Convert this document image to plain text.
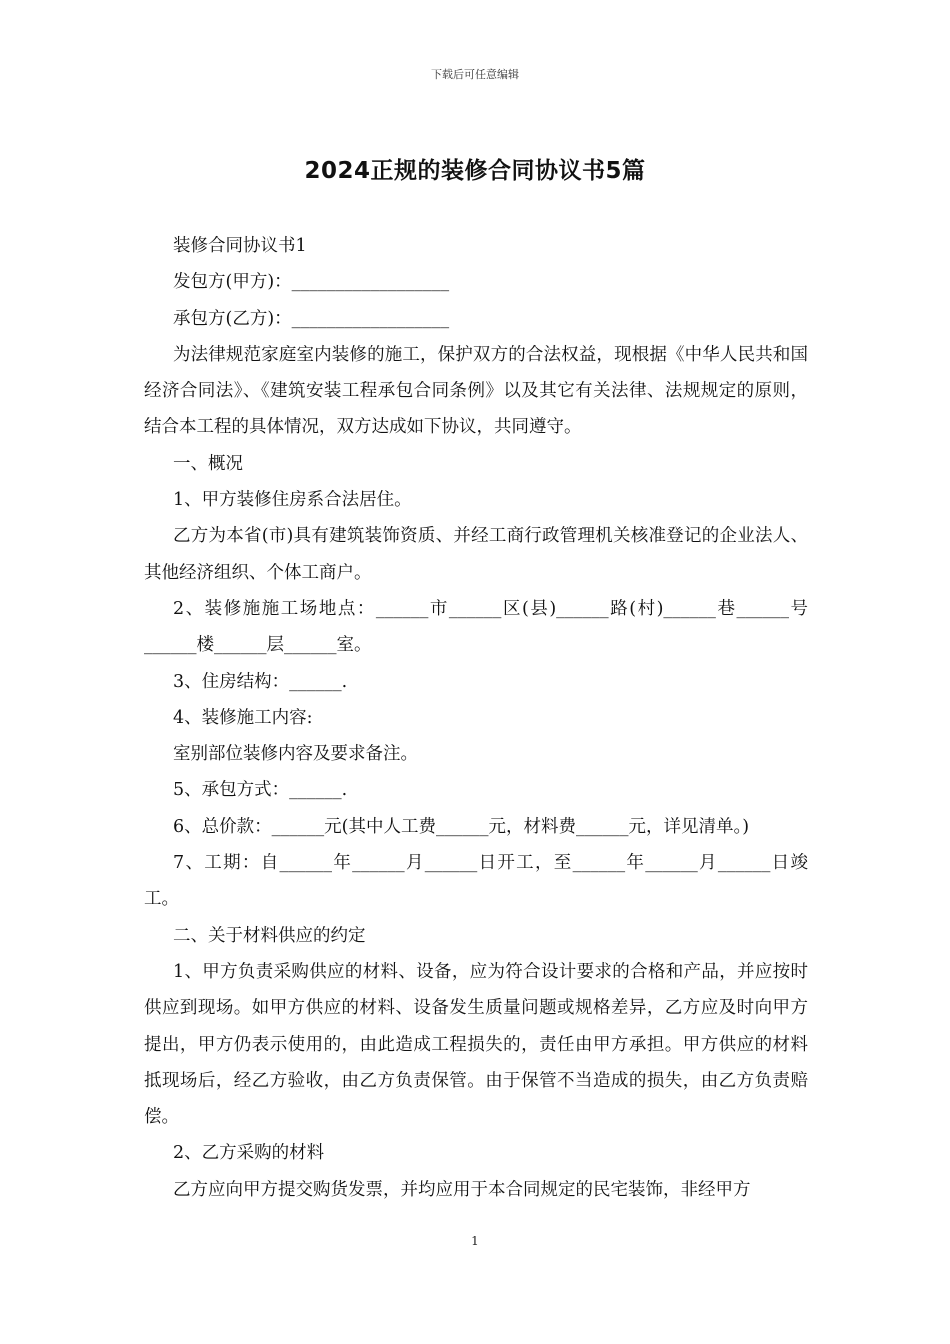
下载后可任意编辑
2024正规的装修合同协议书5篇

装修合同协议书1

发包方(甲方)：__________________

承包方(乙方)：__________________

为法律规范家庭室内装修的施工，保护双方的合法权益，现根据《中华人民共和国经济合同法》、《建筑安装工程承包合同条例》以及其它有关法律、法规规定的原则，结合本工程的具体情况，双方达成如下协议，共同遵守。

一、概况

1、甲方装修住房系合法居住。

乙方为本省(市)具有建筑装饰资质、并经工商行政管理机关核准登记的企业法人、其他经济组织、个体工商户。

2、装修施施工场地点：______市______区(县)______路(村)______巷______号______楼______层______室。

3、住房结构：______.

4、装修施工内容:

室别部位装修内容及要求备注。

5、承包方式：______.

6、总价款：______元(其中人工费______元，材料费______元，详见清单。)

7、工期：自______年______月______日开工，至______年______月______日竣工。

二、关于材料供应的约定

1、甲方负责采购供应的材料、设备，应为符合设计要求的合格和产品，并应按时供应到现场。如甲方供应的材料、设备发生质量问题或规格差异，乙方应及时向甲方提出，甲方仍表示使用的，由此造成工程损失的，责任由甲方承担。甲方供应的材料抵现场后，经乙方验收，由乙方负责保管。由于保管不当造成的损失，由乙方负责赔偿。

2、乙方采购的材料

乙方应向甲方提交购货发票，并均应用于本合同规定的民宅装饰，非经甲方

1
